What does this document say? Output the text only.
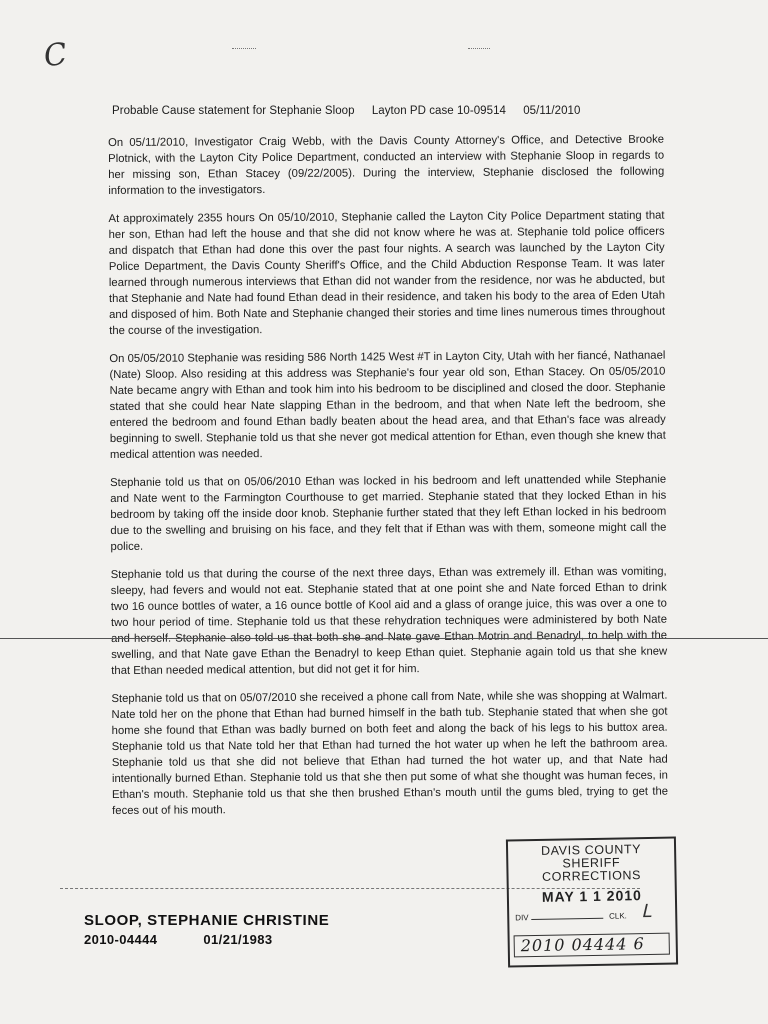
C
Probable Cause statement for Stephanie Sloop Layton PD case 10-09514 05/11/2010

On 05/11/2010, Investigator Craig Webb, with the Davis County Attorney's Office, and Detective Brooke Plotnick, with the Layton City Police Department, conducted an interview with Stephanie Sloop in regards to her missing son, Ethan Stacey (09/22/2005). During the interview, Stephanie disclosed the following information to the investigators.

At approximately 2355 hours On 05/10/2010, Stephanie called the Layton City Police Department stating that her son, Ethan had left the house and that she did not know where he was at. Stephanie told police officers and dispatch that Ethan had done this over the past four nights. A search was launched by the Layton City Police Department, the Davis County Sheriff's Office, and the Child Abduction Response Team. It was later learned through numerous interviews that Ethan did not wander from the residence, nor was he abducted, but that Stephanie and Nate had found Ethan dead in their residence, and taken his body to the area of Eden Utah and disposed of him. Both Nate and Stephanie changed their stories and time lines numerous times throughout the course of the investigation.

On 05/05/2010 Stephanie was residing 586 North 1425 West #T in Layton City, Utah with her fiancé, Nathanael (Nate) Sloop. Also residing at this address was Stephanie's four year old son, Ethan Stacey. On 05/05/2010 Nate became angry with Ethan and took him into his bedroom to be disciplined and closed the door. Stephanie stated that she could hear Nate slapping Ethan in the bedroom, and that when Nate left the bedroom, she entered the bedroom and found Ethan badly beaten about the head area, and that Ethan's face was already beginning to swell. Stephanie told us that she never got medical attention for Ethan, even though she knew that medical attention was needed.

Stephanie told us that on 05/06/2010 Ethan was locked in his bedroom and left unattended while Stephanie and Nate went to the Farmington Courthouse to get married. Stephanie stated that they locked Ethan in his bedroom by taking off the inside door knob. Stephanie further stated that they left Ethan locked in his bedroom due to the swelling and bruising on his face, and they felt that if Ethan was with them, someone might call the police.

Stephanie told us that during the course of the next three days, Ethan was extremely ill. Ethan was vomiting, sleepy, had fevers and would not eat. Stephanie stated that at one point she and Nate forced Ethan to drink two 16 ounce bottles of water, a 16 ounce bottle of Kool aid and a glass of orange juice, this was over a one to two hour period of time. Stephanie told us that these rehydration techniques were administered by both Nate and herself. Stephanie also told us that both she and Nate gave Ethan Motrin and Benadryl, to help with the swelling, and that Nate gave Ethan the Benadryl to keep Ethan quiet. Stephanie again told us that she knew that Ethan needed medical attention, but did not get it for him.

Stephanie told us that on 05/07/2010 she received a phone call from Nate, while she was shopping at Walmart. Nate told her on the phone that Ethan had burned himself in the bath tub. Stephanie stated that when she got home she found that Ethan was badly burned on both feet and along the back of his legs to his buttox area. Stephanie told us that Nate told her that Ethan had turned the hot water up when he left the bathroom area. Stephanie told us that she did not believe that Ethan had turned the hot water up, and that Nate had intentionally burned Ethan. Stephanie told us that she then put some of what she thought was human feces, in Ethan's mouth. Stephanie told us that she then brushed Ethan's mouth until the gums bled, trying to get the feces out of his mouth.

SLOOP, STEPHANIE CHRISTINE
2010-04444	01/21/1983
DAVIS COUNTY SHERIFF
CORRECTIONS
MAY 1 1 2010
DIV	CLK. ᒪ
2010 04444 6
